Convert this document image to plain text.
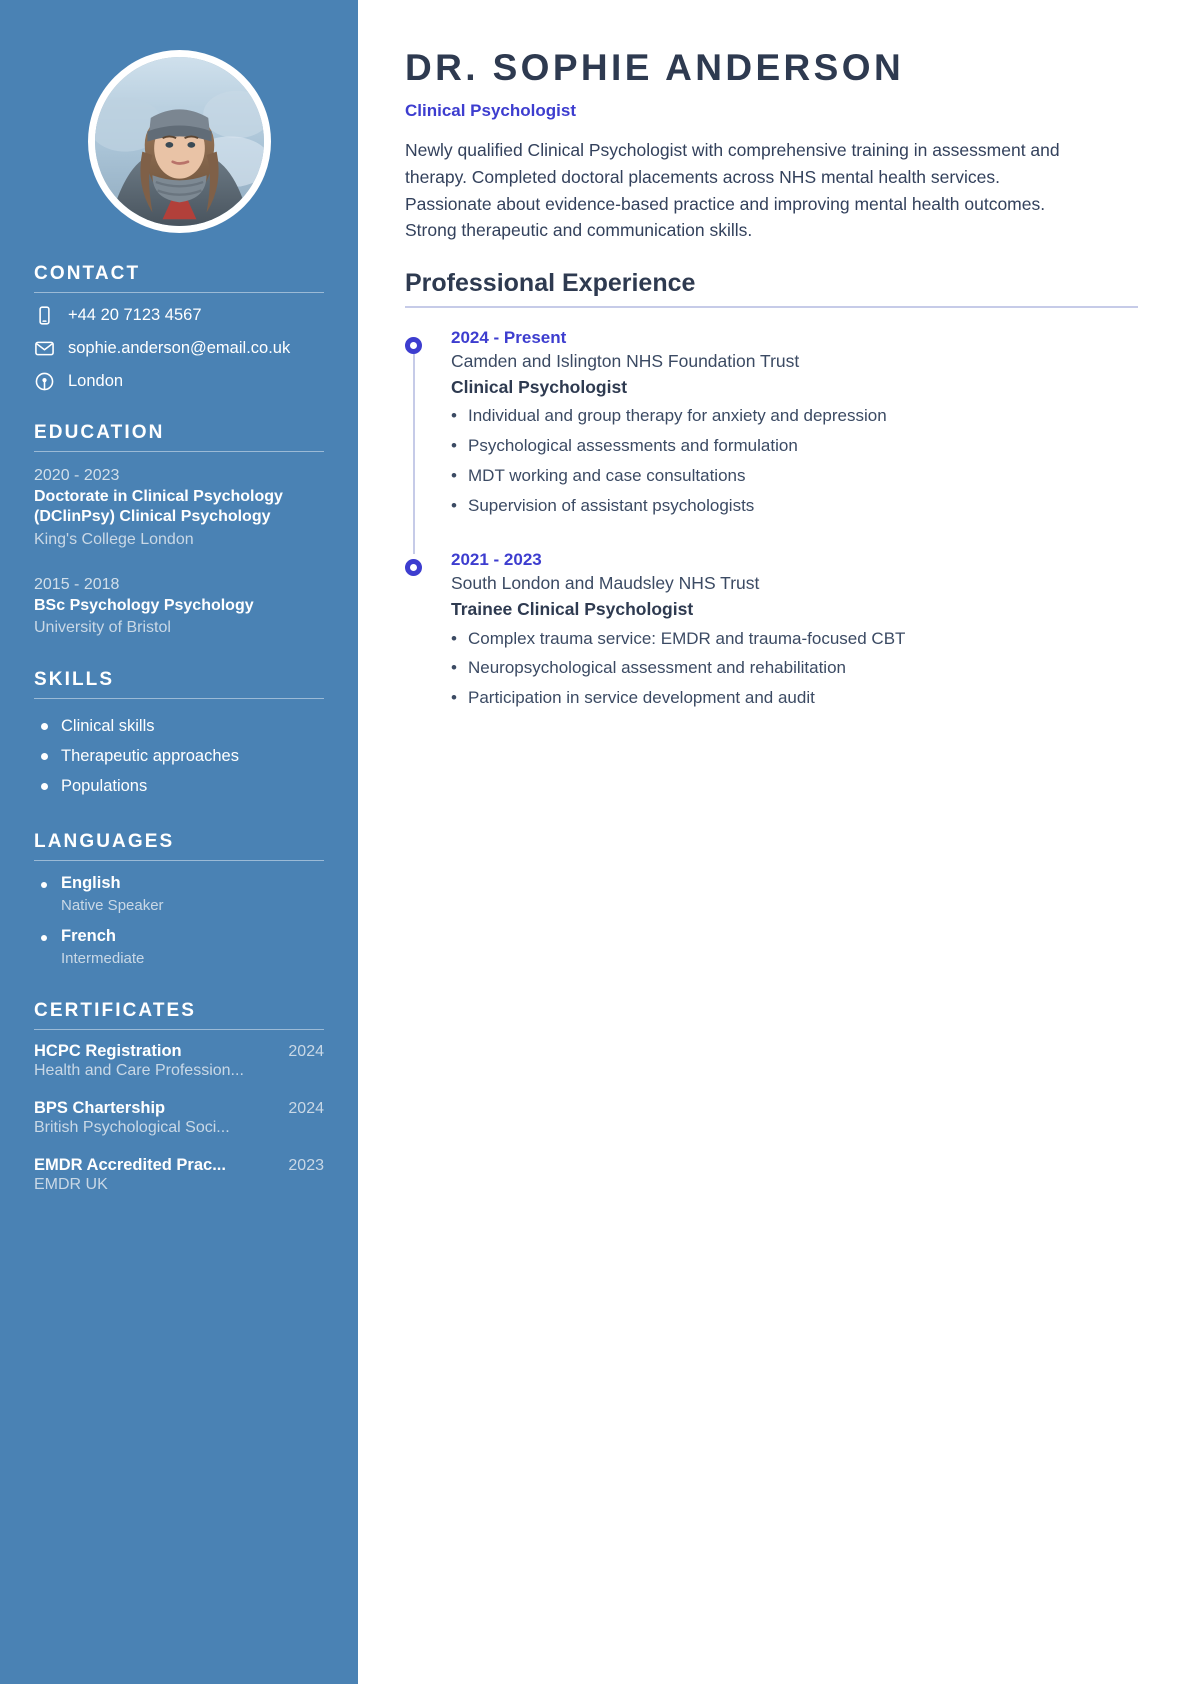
CONTACT
+44 20 7123 4567
sophie.anderson@email.co.uk
London
EDUCATION
2020 - 2023
Doctorate in Clinical Psychology (DClinPsy) Clinical Psychology
King's College London
2015 - 2018
BSc Psychology Psychology
University of Bristol
SKILLS
Clinical skills
Therapeutic approaches
Populations
LANGUAGES
English
Native Speaker
French
Intermediate
CERTIFICATES
HCPC Registration	2024
Health and Care Profession...
BPS Chartership	2024
British Psychological Soci...
EMDR Accredited Prac...	2023
EMDR UK
DR. SOPHIE ANDERSON
Clinical Psychologist

Newly qualified Clinical Psychologist with comprehensive training in assessment and therapy. Completed doctoral placements across NHS mental health services. Passionate about evidence-based practice and improving mental health outcomes. Strong therapeutic and communication skills.

Professional Experience
2024 - Present
Camden and Islington NHS Foundation Trust
Clinical Psychologist
• Individual and group therapy for anxiety and depression
• Psychological assessments and formulation
• MDT working and case consultations
• Supervision of assistant psychologists
2021 - 2023
South London and Maudsley NHS Trust
Trainee Clinical Psychologist
• Complex trauma service: EMDR and trauma-focused CBT
• Neuropsychological assessment and rehabilitation
• Participation in service development and audit
